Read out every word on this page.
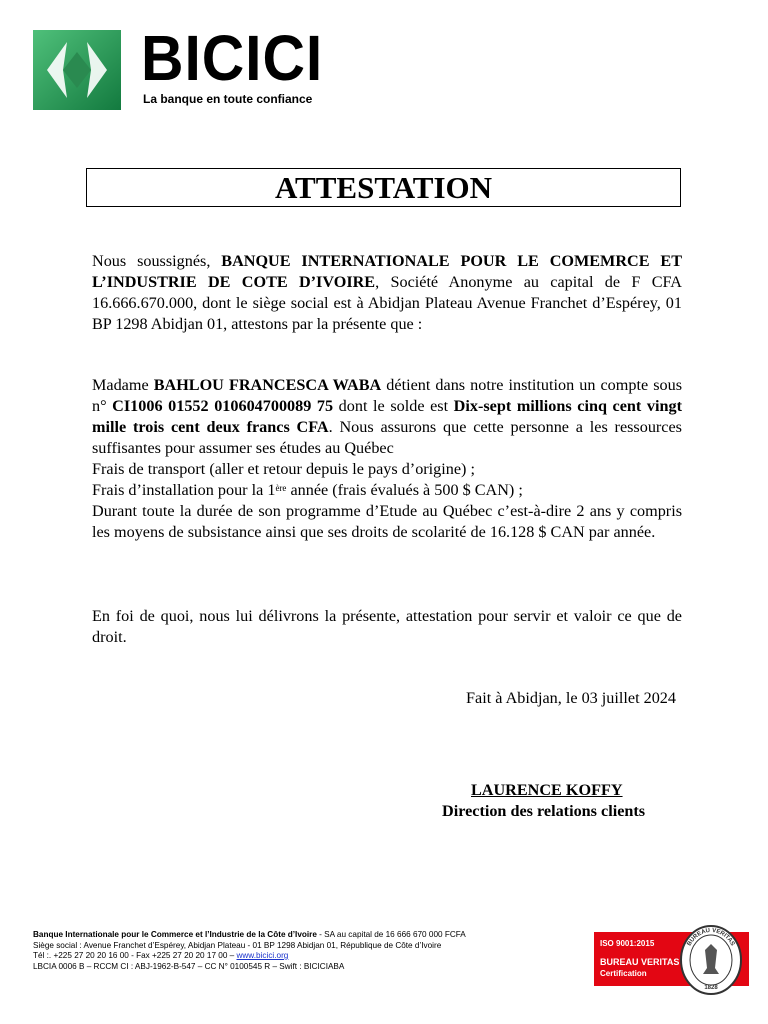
BICICI
La banque en toute confiance
ATTESTATION
Nous soussignés, BANQUE INTERNATIONALE POUR LE COMEMRCE ET L’INDUSTRIE DE COTE D’IVOIRE, Société Anonyme au capital de F CFA 16.666.670.000, dont le siège social est à Abidjan Plateau Avenue Franchet d’Espérey, 01 BP 1298 Abidjan 01, attestons par la présente que :
Madame BAHLOU FRANCESCA WABA détient dans notre institution un compte sous n° CI1006 01552 010604700089 75 dont le solde est Dix-sept millions cinq cent vingt mille trois cent deux francs CFA. Nous assurons que cette personne a les ressources suffisantes pour assumer ses études au Québec
Frais de transport (aller et retour depuis le pays d’origine) ;
Frais d’installation pour la 1ère année (frais évalués à 500 $ CAN) ;
Durant toute la durée de son programme d’Etude au Québec c’est-à-dire 2 ans y compris les moyens de subsistance ainsi que ses droits de scolarité de 16.128 $ CAN par année.
En foi de quoi, nous lui délivrons la présente, attestation pour servir et valoir ce que de droit.
Fait à Abidjan, le 03 juillet 2024
LAURENCE KOFFY
Direction des relations clients
Banque Internationale pour le Commerce et l’Industrie de la Côte d’Ivoire - SA au capital de 16 666 670 000 FCFA
Siège social : Avenue Franchet d’Espérey, Abidjan Plateau - 01 BP 1298 Abidjan 01, République de Côte d’Ivoire
Tél :. +225 27 20 20 16 00 - Fax +225 27 20 20 17 00 – www.bicici.org
LBCIA 0006 B – RCCM CI : ABJ-1962-B-547 – CC N° 0100545 R – Swift : BICICIABA
ISO 9001:2015
BUREAU VERITAS
Certification
BUREAU VERITAS
1828
